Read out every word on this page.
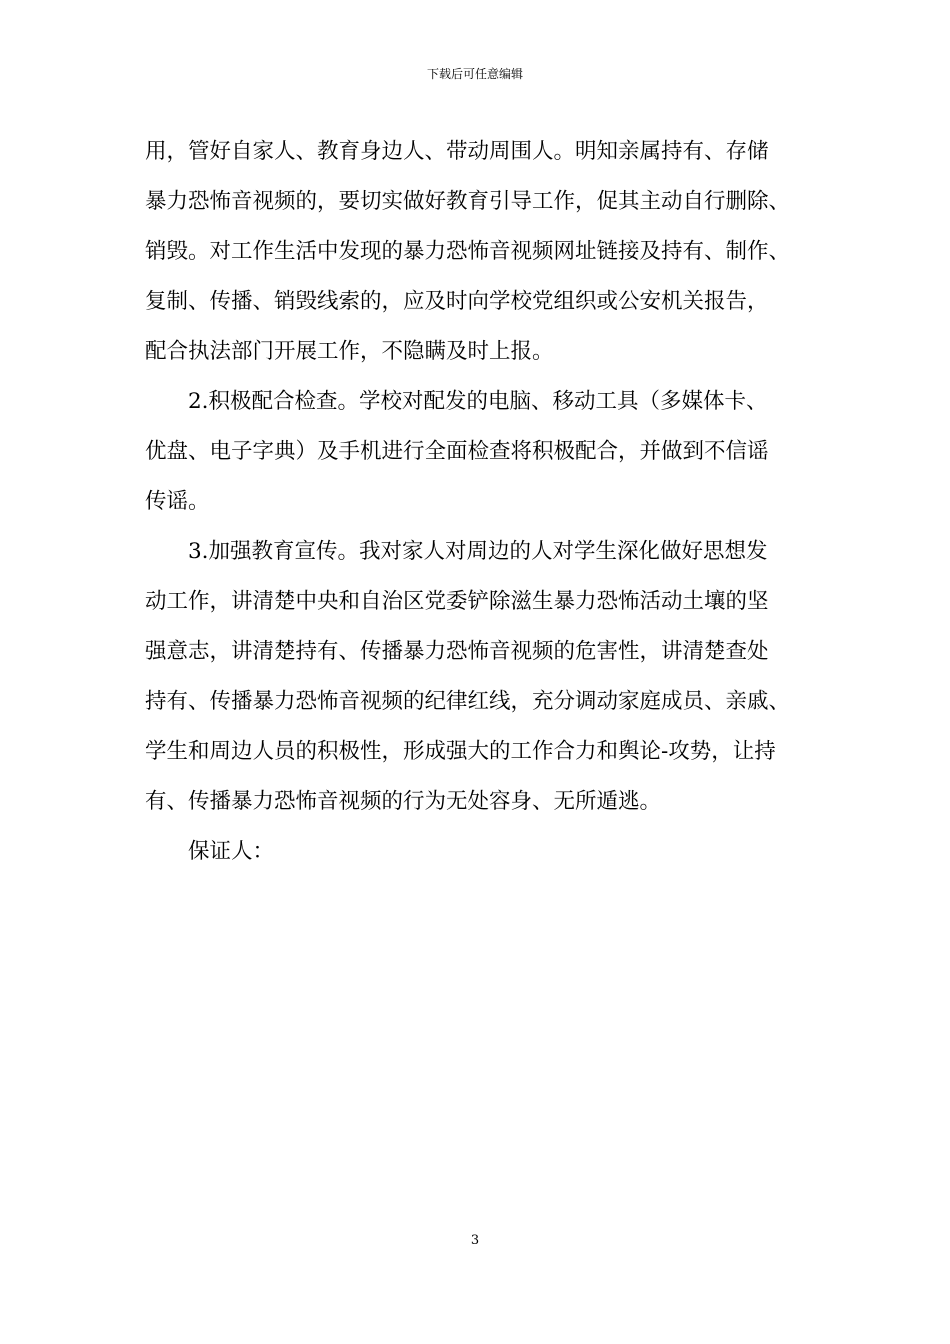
下载后可任意编辑

用，管好自家人、教育身边人、带动周围人。明知亲属持有、存储
暴力恐怖音视频的，要切实做好教育引导工作，促其主动自行删除、
销毁。对工作生活中发现的暴力恐怖音视频网址链接及持有、制作、
复制、传播、销毁线索的，应及时向学校党组织或公安机关报告，
配合执法部门开展工作，不隐瞒及时上报。

2.积极配合检查。学校对配发的电脑、移动工具（多媒体卡、
优盘、电子字典）及手机进行全面检查将积极配合，并做到不信谣
传谣。

3.加强教育宣传。我对家人对周边的人对学生深化做好思想发
动工作，讲清楚中央和自治区党委铲除滋生暴力恐怖活动土壤的坚
强意志，讲清楚持有、传播暴力恐怖音视频的危害性，讲清楚查处
持有、传播暴力恐怖音视频的纪律红线，充分调动家庭成员、亲戚、
学生和周边人员的积极性，形成强大的工作合力和舆论-攻势，让持
有、传播暴力恐怖音视频的行为无处容身、无所遁逃。

保证人：

3
